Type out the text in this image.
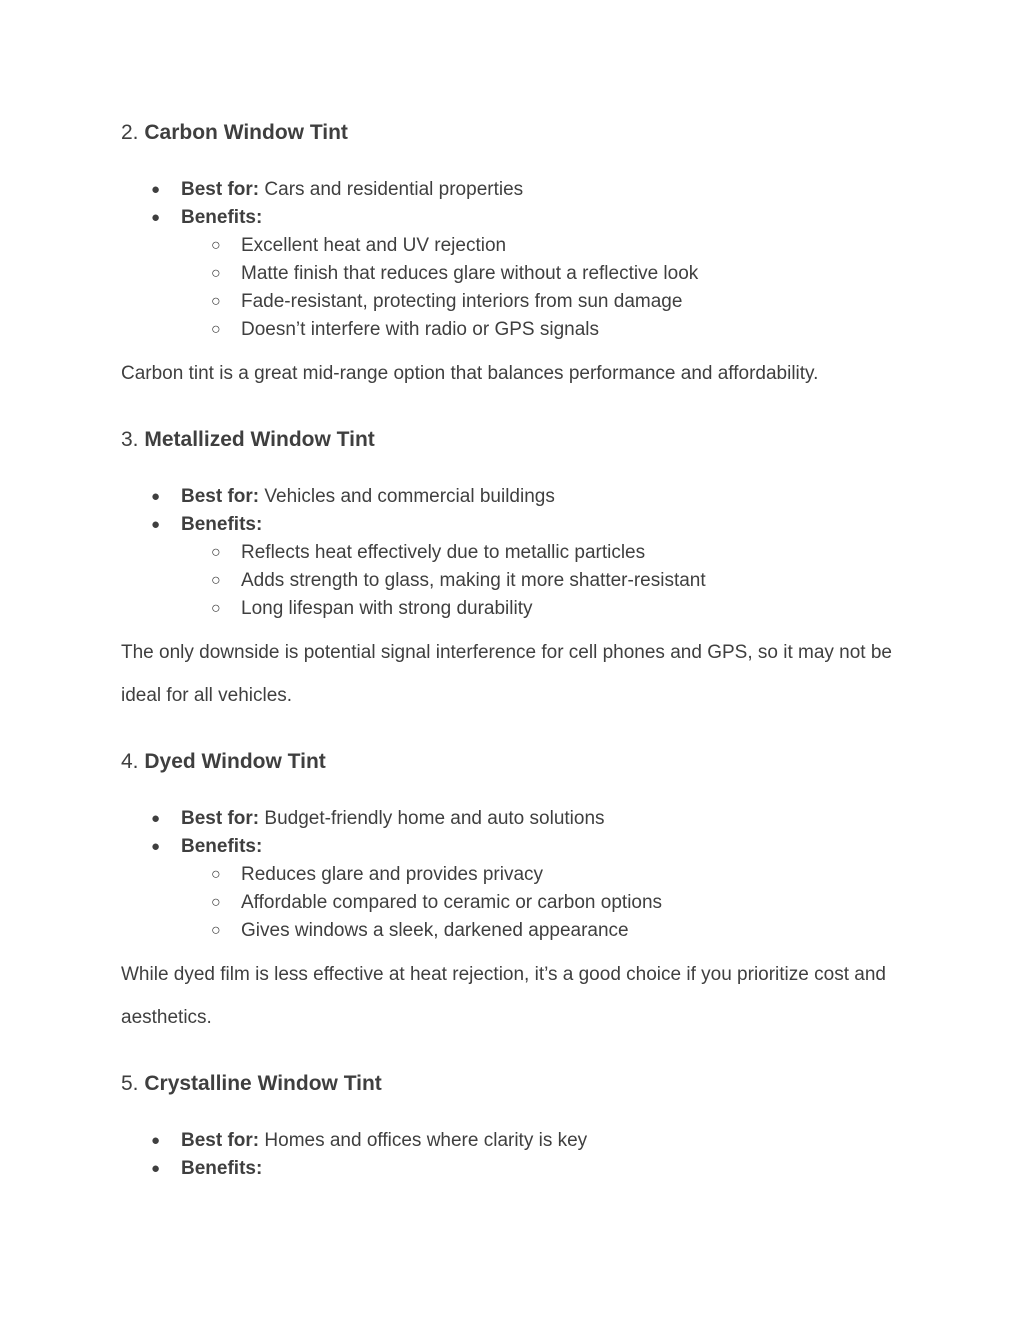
2. Carbon Window Tint
● Best for: Cars and residential properties
● Benefits:
○ Excellent heat and UV rejection
○ Matte finish that reduces glare without a reflective look
○ Fade-resistant, protecting interiors from sun damage
○ Doesn’t interfere with radio or GPS signals

Carbon tint is a great mid-range option that balances performance and affordability.

3. Metallized Window Tint
● Best for: Vehicles and commercial buildings
● Benefits:
○ Reflects heat effectively due to metallic particles
○ Adds strength to glass, making it more shatter-resistant
○ Long lifespan with strong durability

The only downside is potential signal interference for cell phones and GPS, so it may not be ideal for all vehicles.

4. Dyed Window Tint
● Best for: Budget-friendly home and auto solutions
● Benefits:
○ Reduces glare and provides privacy
○ Affordable compared to ceramic or carbon options
○ Gives windows a sleek, darkened appearance

While dyed film is less effective at heat rejection, it’s a good choice if you prioritize cost and aesthetics.

5. Crystalline Window Tint
● Best for: Homes and offices where clarity is key
● Benefits:
